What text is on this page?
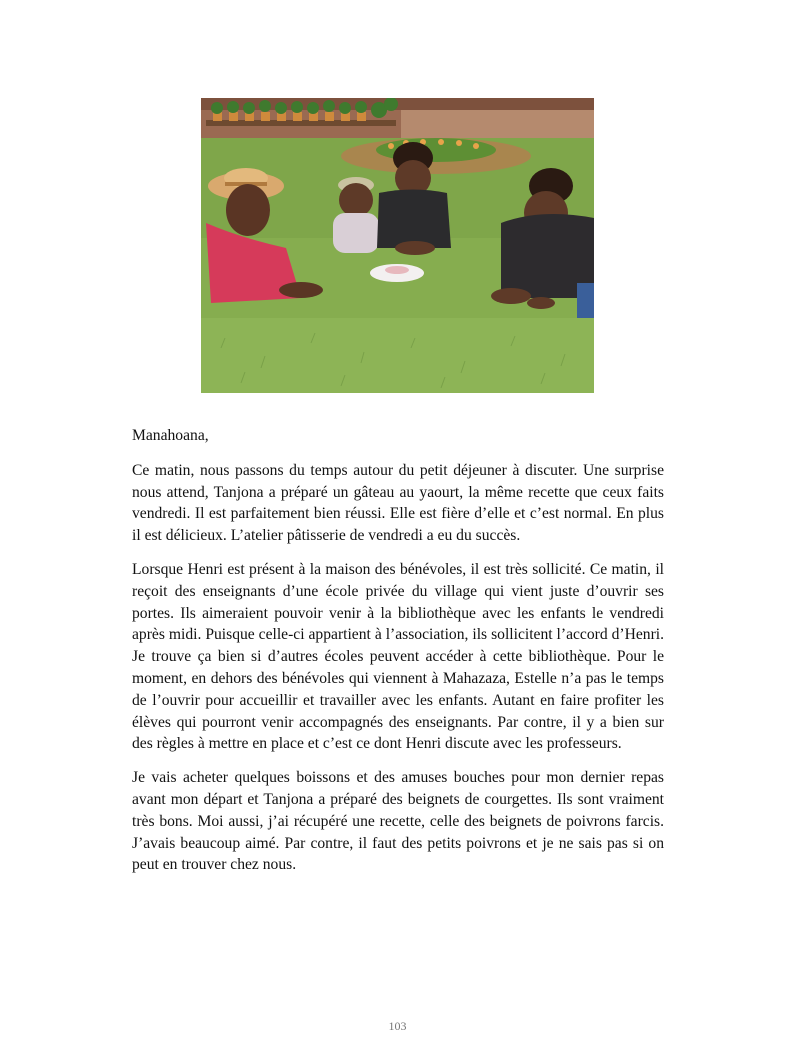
Manahoana,

Ce matin, nous passons du temps autour du petit déjeuner à discuter. Une surprise nous attend, Tanjona a préparé un gâteau au yaourt, la même recette que ceux faits vendredi. Il est parfaitement bien réussi. Elle est fière d’elle et c’est normal. En plus il est délicieux. L’atelier pâtisserie de vendredi a eu du succès.

Lorsque Henri est présent à la maison des bénévoles, il est très sollicité. Ce matin, il reçoit des enseignants d’une école privée du village qui vient juste d’ouvrir ses portes. Ils aimeraient pouvoir venir à la bibliothèque avec les enfants le vendredi après midi. Puisque celle-ci appartient à l’association, ils sollicitent l’accord d’Henri. Je trouve ça bien si d’autres écoles peuvent accéder à cette bibliothèque. Pour le moment, en dehors des bénévoles qui viennent à Mahazaza, Estelle n’a pas le temps de l’ouvrir pour accueillir et travailler avec les enfants. Autant en faire profiter les élèves qui pourront venir accompagnés des enseignants. Par contre, il y a bien sur des règles à mettre en place et c’est ce dont Henri discute avec les professeurs.

Je vais acheter quelques boissons et des amuses bouches pour mon dernier repas avant mon départ et Tanjona a préparé des beignets de courgettes. Ils sont vraiment très bons. Moi aussi, j’ai récupéré une recette, celle des beignets de poivrons farcis. J’avais beaucoup aimé. Par contre, il faut des petits poivrons et je ne sais pas si on peut en trouver chez nous.

103
